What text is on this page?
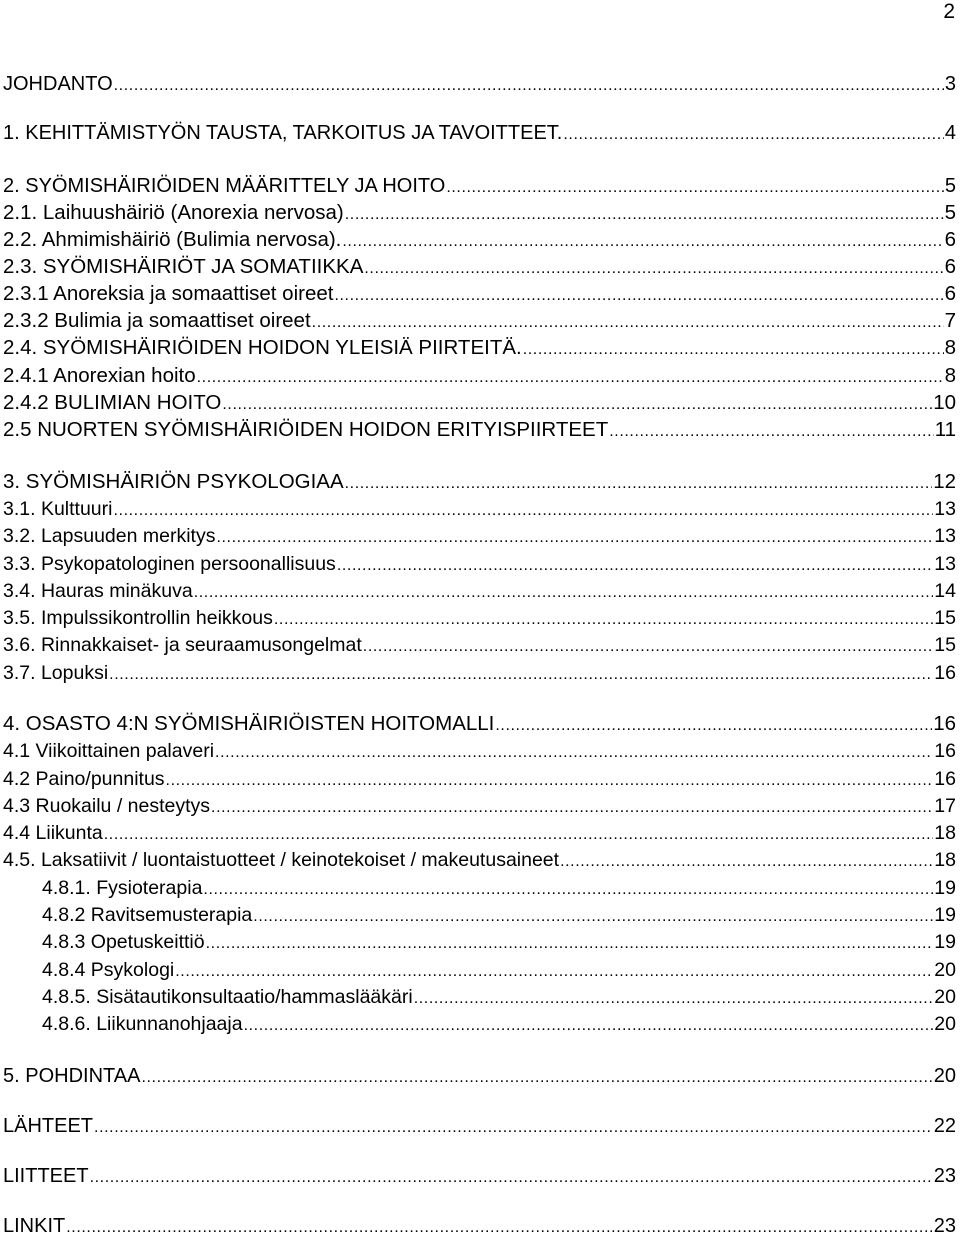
2
JOHDANTO .....	3
1. KEHITTÄMISTYÖN TAUSTA, TARKOITUS JA TAVOITTEET. .....	4
2. SYÖMISHÄIRIÖIDEN MÄÄRITTELY JA HOITO .....	5
2.1. Laihuushäiriö (Anorexia nervosa) .....	5
2.2. Ahmimishäiriö (Bulimia nervosa). .....	6
2.3. SYÖMISHÄIRIÖT JA SOMATIIKKA .....	6
2.3.1 Anoreksia ja somaattiset oireet .....	6
2.3.2 Bulimia ja somaattiset oireet .....	7
2.4. SYÖMISHÄIRIÖIDEN HOIDON YLEISIÄ PIIRTEITÄ. .....	8
2.4.1 Anorexian hoito .....	8
2.4.2 BULIMIAN HOITO .....	10
2.5 NUORTEN SYÖMISHÄIRIÖIDEN HOIDON ERITYISPIIRTEET .....	11
3. SYÖMISHÄIRIÖN PSYKOLOGIAA .....	12
3.1. Kulttuuri .....	13
3.2. Lapsuuden merkitys .....	13
3.3. Psykopatologinen persoonallisuus .....	13
3.4. Hauras minäkuva .....	14
3.5. Impulssikontrollin heikkous .....	15
3.6. Rinnakkaiset- ja seuraamusongelmat .....	15
3.7. Lopuksi .....	16
4. OSASTO 4:N SYÖMISHÄIRIÖISTEN HOITOMALLI .....	16
4.1 Viikoittainen palaveri .....	16
4.2 Paino/punnitus .....	16
4.3 Ruokailu / nesteytys .....	17
4.4 Liikunta .....	18
4.5. Laksatiivit / luontaistuotteet / keinotekoiset / makeutusaineet .....	18
4.8.1. Fysioterapia .....	19
4.8.2 Ravitsemusterapia .....	19
4.8.3 Opetuskeittiö .....	19
4.8.4 Psykologi .....	20
4.8.5. Sisätautikonsultaatio/hammaslääkäri .....	20
4.8.6. Liikunnanohjaaja .....	20
5. POHDINTAA .....	20
LÄHTEET .....	22
LIITTEET .....	23
LINKIT .....	23
